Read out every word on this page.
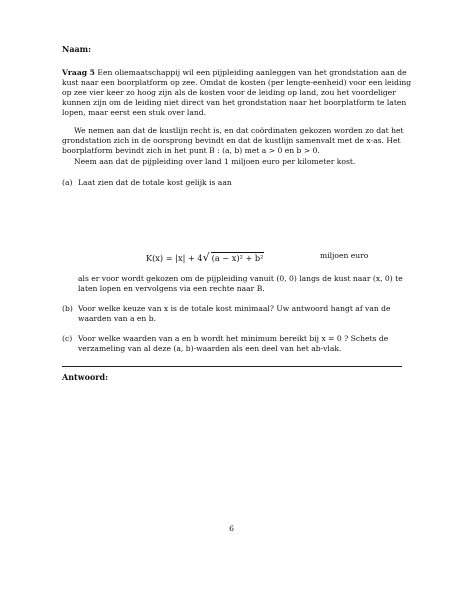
Naam:
Vraag 5 Een oliemaatschappij wil een pijpleiding aanleggen van het grondstation aan de
kust naar een boorplatform op zee. Omdat de kosten (per lengte-eenheid) voor een leiding
op zee vier keer zo hoog zijn als de kosten voor de leiding op land, zou het voordeliger
kunnen zijn om de leiding niet direct van het grondstation naar het boorplatform te laten
lopen, maar eerst een stuk over land.
We nemen aan dat de kustlijn recht is, en dat coördinaten gekozen worden zo dat het
grondstation zich in de oorsprong bevindt en dat de kustlijn samenvalt met de x-as. Het
boorplatform bevindt zich in het punt B : (a, b) met a > 0 en b > 0.
Neem aan dat de pijpleiding over land 1 miljoen euro per kilometer kost.
(a) Laat zien dat de totale kost gelijk is aan
K(x) = |x| + 4√ (a − x)² + b²	miljoen euro
als er voor wordt gekozen om de pijpleiding vanuit (0, 0) langs de kust naar (x, 0) te
laten lopen en vervolgens via een rechte naar B.
(b) Voor welke keuze van x is de totale kost minimaal? Uw antwoord hangt af van de
waarden van a en b.
(c) Voor welke waarden van a en b wordt het minimum bereikt bij x = 0 ? Schets de
verzameling van al deze (a, b)-waarden als een deel van het ab-vlak.
Antwoord:
6
